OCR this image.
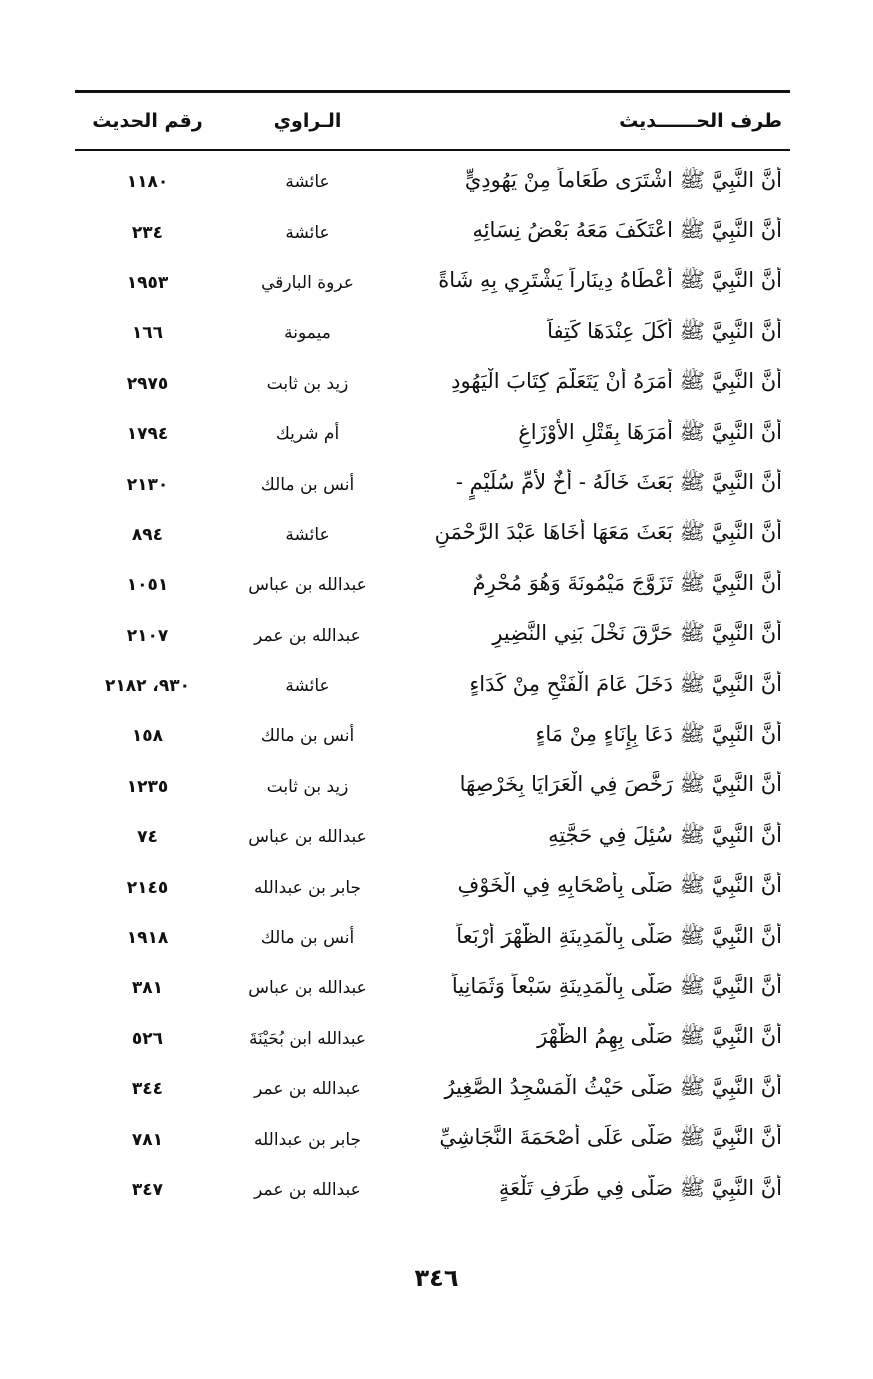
طرف الحــــــديث
الـراوي
رقم الحديث
أَنَّ النَّبِيَّ ﷺ اشْتَرَى طَعَاماً مِنْ يَهُودِيٍّ
عائشة
١١٨٠
أَنَّ النَّبِيَّ ﷺ اعْتَكَفَ مَعَهُ بَعْضُ نِسَائِهِ
عائشة
٢٣٤
أَنَّ النَّبِيَّ ﷺ أَعْطَاهُ دِينَاراً يَشْتَرِي بِهِ شَاةً
عروة البارقي
١٩٥٣
أَنَّ النَّبِيَّ ﷺ أَكَلَ عِنْدَهَا كَتِفاً
ميمونة
١٦٦
أَنَّ النَّبِيَّ ﷺ أَمَرَهُ أَنْ يَتَعَلَّمَ كِتَابَ الْيَهُودِ
زيد بن ثابت
٢٩٧٥
أَنَّ النَّبِيَّ ﷺ أَمَرَهَا بِقَتْلِ الأَوْزَاغِ
أم شريك
١٧٩٤
أَنَّ النَّبِيَّ ﷺ بَعَثَ خَالَهُ - أَخٌ لأُمِّ سُلَيْمٍ -
أنس بن مالك
٢١٣٠
أَنَّ النَّبِيَّ ﷺ بَعَثَ مَعَهَا أَخَاهَا عَبْدَ الرَّحْمَنِ
عائشة
٨٩٤
أَنَّ النَّبِيَّ ﷺ تَزَوَّجَ مَيْمُونَةَ وَهُوَ مُحْرِمٌ
عبدالله بن عباس
١٠٥١
أَنَّ النَّبِيَّ ﷺ حَرَّقَ نَخْلَ بَنِي النَّضِيرِ
عبدالله بن عمر
٢١٠٧
أَنَّ النَّبِيَّ ﷺ دَخَلَ عَامَ الْفَتْحِ مِنْ كَدَاءٍ
عائشة
٩٣٠، ٢١٨٢
أَنَّ النَّبِيَّ ﷺ دَعَا بِإِنَاءٍ مِنْ مَاءٍ
أنس بن مالك
١٥٨
أَنَّ النَّبِيَّ ﷺ رَخَّصَ فِي الْعَرَايَا بِخَرْصِهَا
زيد بن ثابت
١٢٣٥
أَنَّ النَّبِيَّ ﷺ سُئِلَ فِي حَجَّتِهِ
عبدالله بن عباس
٧٤
أَنَّ النَّبِيَّ ﷺ صَلَّى بِأَصْحَابِهِ فِي الْخَوْفِ
جابر بن عبدالله
٢١٤٥
أَنَّ النَّبِيَّ ﷺ صَلَّى بِالْمَدِينَةِ الظُّهْرَ أَرْبَعاً
أنس بن مالك
١٩١٨
أَنَّ النَّبِيَّ ﷺ صَلَّى بِالْمَدِينَةِ سَبْعاً وَثَمَانِياً
عبدالله بن عباس
٣٨١
أَنَّ النَّبِيَّ ﷺ صَلَّى بِهِمُ الظُّهْرَ
عبدالله ابن بُحَيْنَةَ
٥٢٦
أَنَّ النَّبِيَّ ﷺ صَلَّى حَيْثُ الْمَسْجِدُ الصَّغِيرُ
عبدالله بن عمر
٣٤٤
أَنَّ النَّبِيَّ ﷺ صَلَّى عَلَى أَصْحَمَةَ النَّجَاشِيِّ
جابر بن عبدالله
٧٨١
أَنَّ النَّبِيَّ ﷺ صَلَّى فِي طَرَفِ تَلْعَةٍ
عبدالله بن عمر
٣٤٧
٣٤٦
